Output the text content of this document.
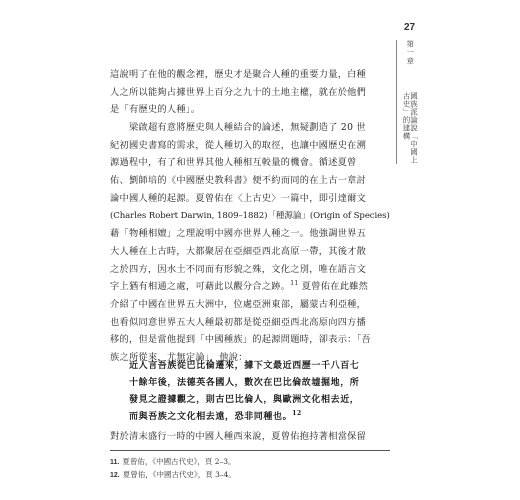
27
第一章
國族派論說「中國上古史」的建構
這說明了在他的觀念裡，歷史才是聚合人種的重要力量，白種
人之所以能夠占據世界上百分之九十的土地主權，就在於他們
是「有歷史的人種」。
　　梁啟超有意將歷史與人種結合的論述，無疑劃造了 20 世
紀初國史書寫的需求，從人種切入的取徑，也讓中國歷史在溯
源過程中，有了和世界其他人種相互較量的機會。循述夏曾
佑、劉師培的《中國歷史教科書》便不約而同的在上古一章討
論中國人種的起源。夏曾佑在〈上古史〉一篇中，即引達爾文
(Charles Robert Darwin, 1809–1882)「種源論」(Origin of Species)
藉「物種相嬗」之理說明中國亦世界人種之一。他強調世界五
大人種在上古時，大都聚居在亞細亞西北高原一帶，其後才散
之於四方，因水土不同而有形貌之殊，文化之別，唯在語言文
字上猶有相通之處，可藉此以觀分合之跡。$^{11}$ 夏曾佑在此雖然
介紹了中國在世界五大洲中，位處亞洲東部，屬蒙古利亞種，
也看似同意世界五大人種最初都是從亞細亞西北高原向四方播
移的，但是當他提到「中國種族」的起源問題時，卻表示：「吾
族之所從來，尤無定論」，他說：
近人言吾族從巴比倫遷來，據下文最近西歷一千八百七
十餘年後，法德英各國人，數次在巴比倫故墟掘地，所
發見之證據觀之，則古巴比倫人，與歐洲文化相去近，
而與吾族之文化相去遠，恐非同種也。$^{12}$
對於清末盛行一時的中國人種西來說，夏曾佑抱持著相當保留
11. 夏曾佑，《中國古代史》，頁 2–3。
12. 夏曾佑，《中國古代史》，頁 3–4。
